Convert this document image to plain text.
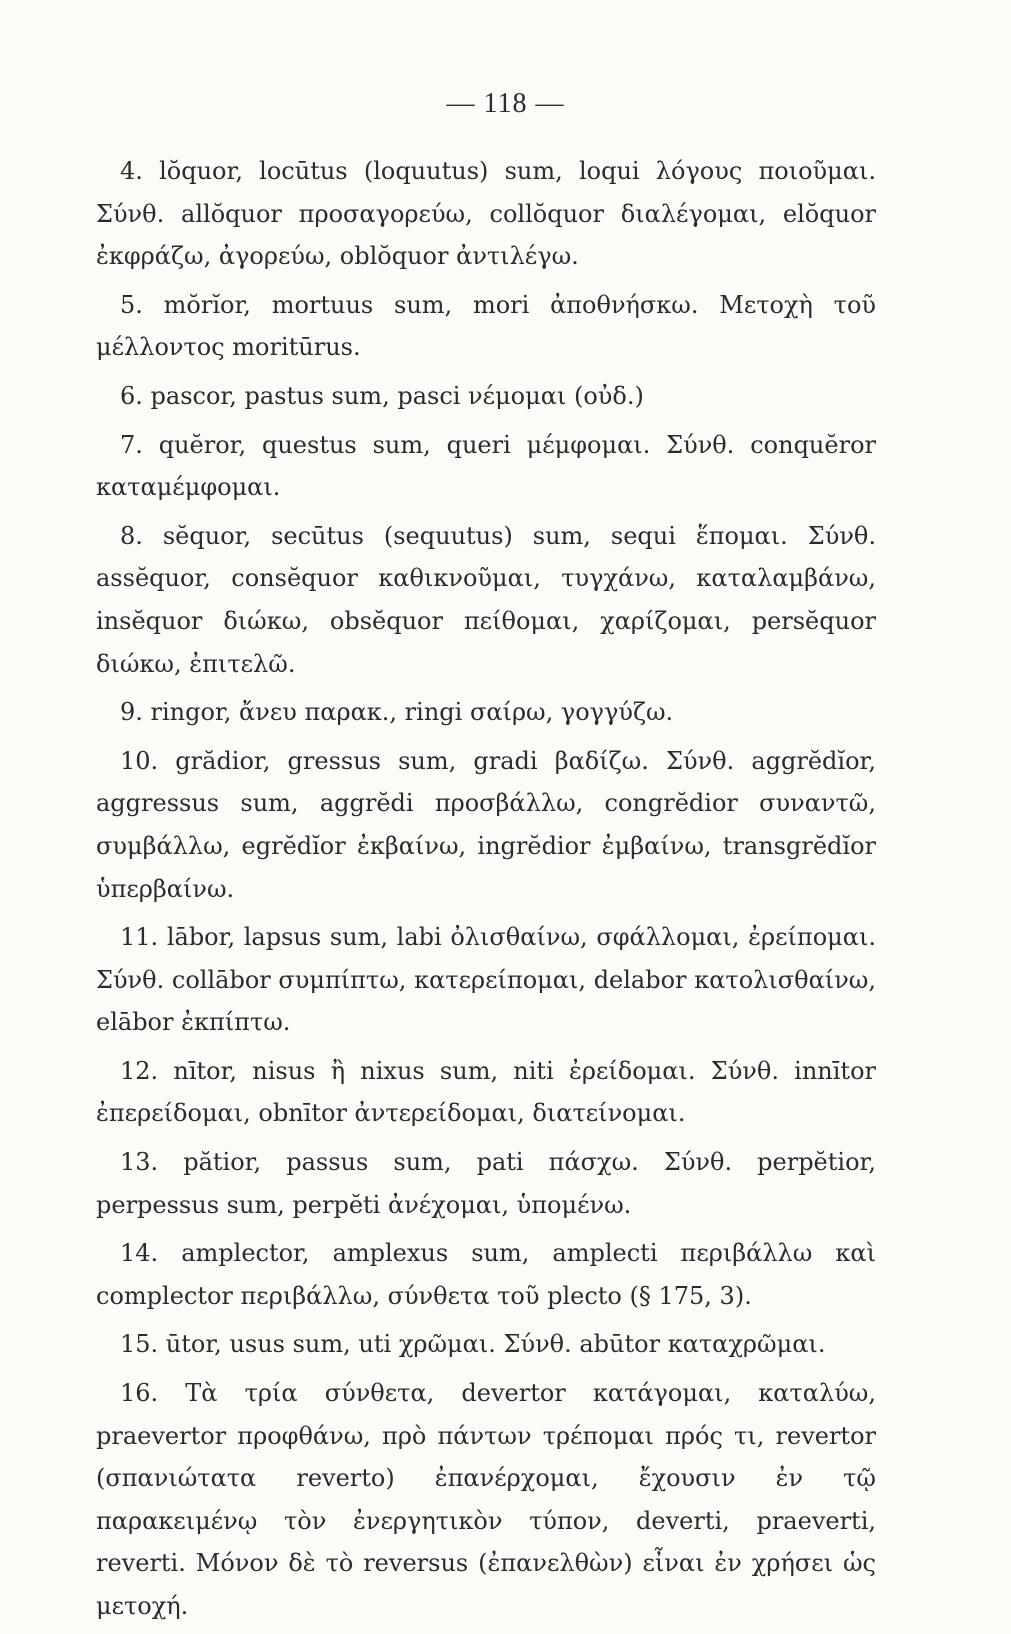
— 118 —

4. lŏquor, locūtus (loquutus) sum, loqui λόγους ποιοῦμαι. Σύνθ. allŏquor προσαγορεύω, collŏquor διαλέγομαι, elŏquor ἐκφράζω, ἀγορεύω, oblŏquor ἀντιλέγω.

5. mŏrĭor, mortuus sum, mori ἀποθνήσκω. Μετοχὴ τοῦ μέλλοντος moritūrus.

6. pascor, pastus sum, pasci νέμομαι (οὐδ.)

7. quĕror, questus sum, queri μέμφομαι. Σύνθ. conquĕror καταμέμφομαι.

8. sĕquor, secūtus (sequutus) sum, sequi ἕπομαι. Σύνθ. assĕquor, consĕquor καθικνοῦμαι, τυγχάνω, καταλαμβάνω, insĕquor διώκω, obsĕquor πείθομαι, χαρίζομαι, persĕquor διώκω, ἐπιτελῶ.

9. ringor, ἄνευ παρακ., ringi σαίρω, γογγύζω.

10. grădior, gressus sum, gradi βαδίζω. Σύνθ. aggrĕdĭor, aggressus sum, aggrĕdi προσβάλλω, congrĕdior συναντῶ, συμβάλλω, egrĕdĭor ἐκβαίνω, ingrĕdior ἐμβαίνω, transgrĕdĭor ὑπερβαίνω.

11. lābor, lapsus sum, labi ὀλισθαίνω, σφάλλομαι, ἐρείπομαι. Σύνθ. collābor συμπίπτω, κατερείπομαι, delabor κατολισθαίνω, elābor ἐκπίπτω.

12. nītor, nisus ἢ nixus sum, niti ἐρείδομαι. Σύνθ. innītor ἐπερείδομαι, obnītor ἀντερείδομαι, διατείνομαι.

13. pătior, passus sum, pati πάσχω. Σύνθ. perpĕtior, perpessus sum, perpĕti ἀνέχομαι, ὑπομένω.

14. amplector, amplexus sum, amplecti περιβάλλω καὶ complector περιβάλλω, σύνθετα τοῦ plecto (§ 175, 3).

15. ūtor, usus sum, uti χρῶμαι. Σύνθ. abūtor καταχρῶμαι.

16. Τὰ τρία σύνθετα, devertor κατάγομαι, καταλύω, praevertor προφθάνω, πρὸ πάντων τρέπομαι πρός τι, revertor (σπανιώτατα reverto) ἐπανέρχομαι, ἔχουσιν ἐν τῷ παρακειμένῳ τὸν ἐνεργητικὸν τύπον, deverti, praeverti, reverti. Μόνον δὲ τὸ reversus (ἐπανελθὼν) εἶναι ἐν χρήσει ὡς μετοχή.
